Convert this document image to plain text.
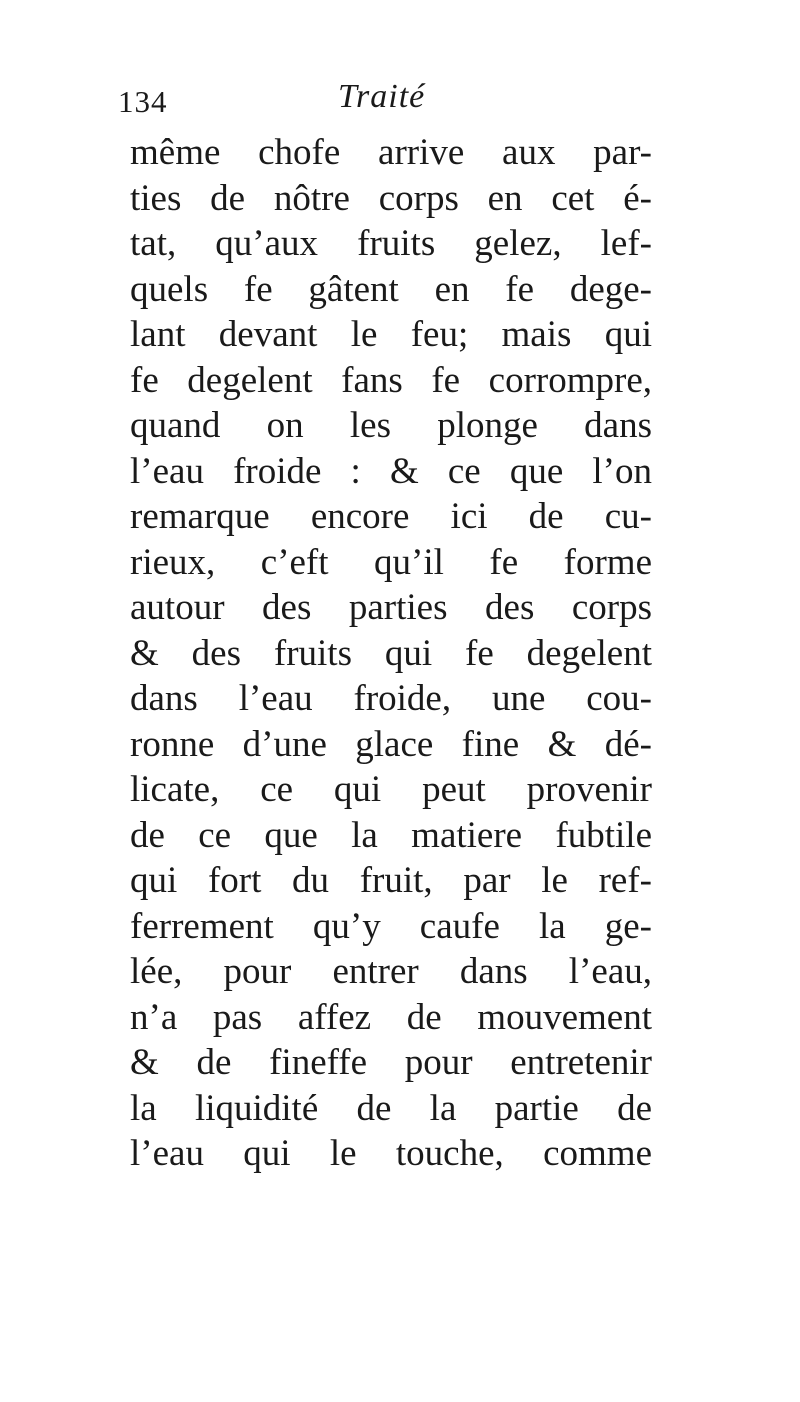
134	Traité
même chofe arrive aux par-
ties de nôtre corps en cet é-
tat, qu’aux fruits gelez, lef-
quels fe gâtent en fe dege-
lant devant le feu; mais qui
fe degelent fans fe corrompre,
quand on les plonge dans
l’eau froide : & ce que l’on
remarque encore ici de cu-
rieux, c’eft qu’il fe forme
autour des parties des corps
& des fruits qui fe degelent
dans l’eau froide, une cou-
ronne d’une glace fine & dé-
licate, ce qui peut provenir
de ce que la matiere fubtile
qui fort du fruit, par le ref-
ferrement qu’y caufe la ge-
lée, pour entrer dans l’eau,
n’a pas affez de mouvement
& de fineffe pour entretenir
la liquidité de la partie de
l’eau qui le touche, comme
